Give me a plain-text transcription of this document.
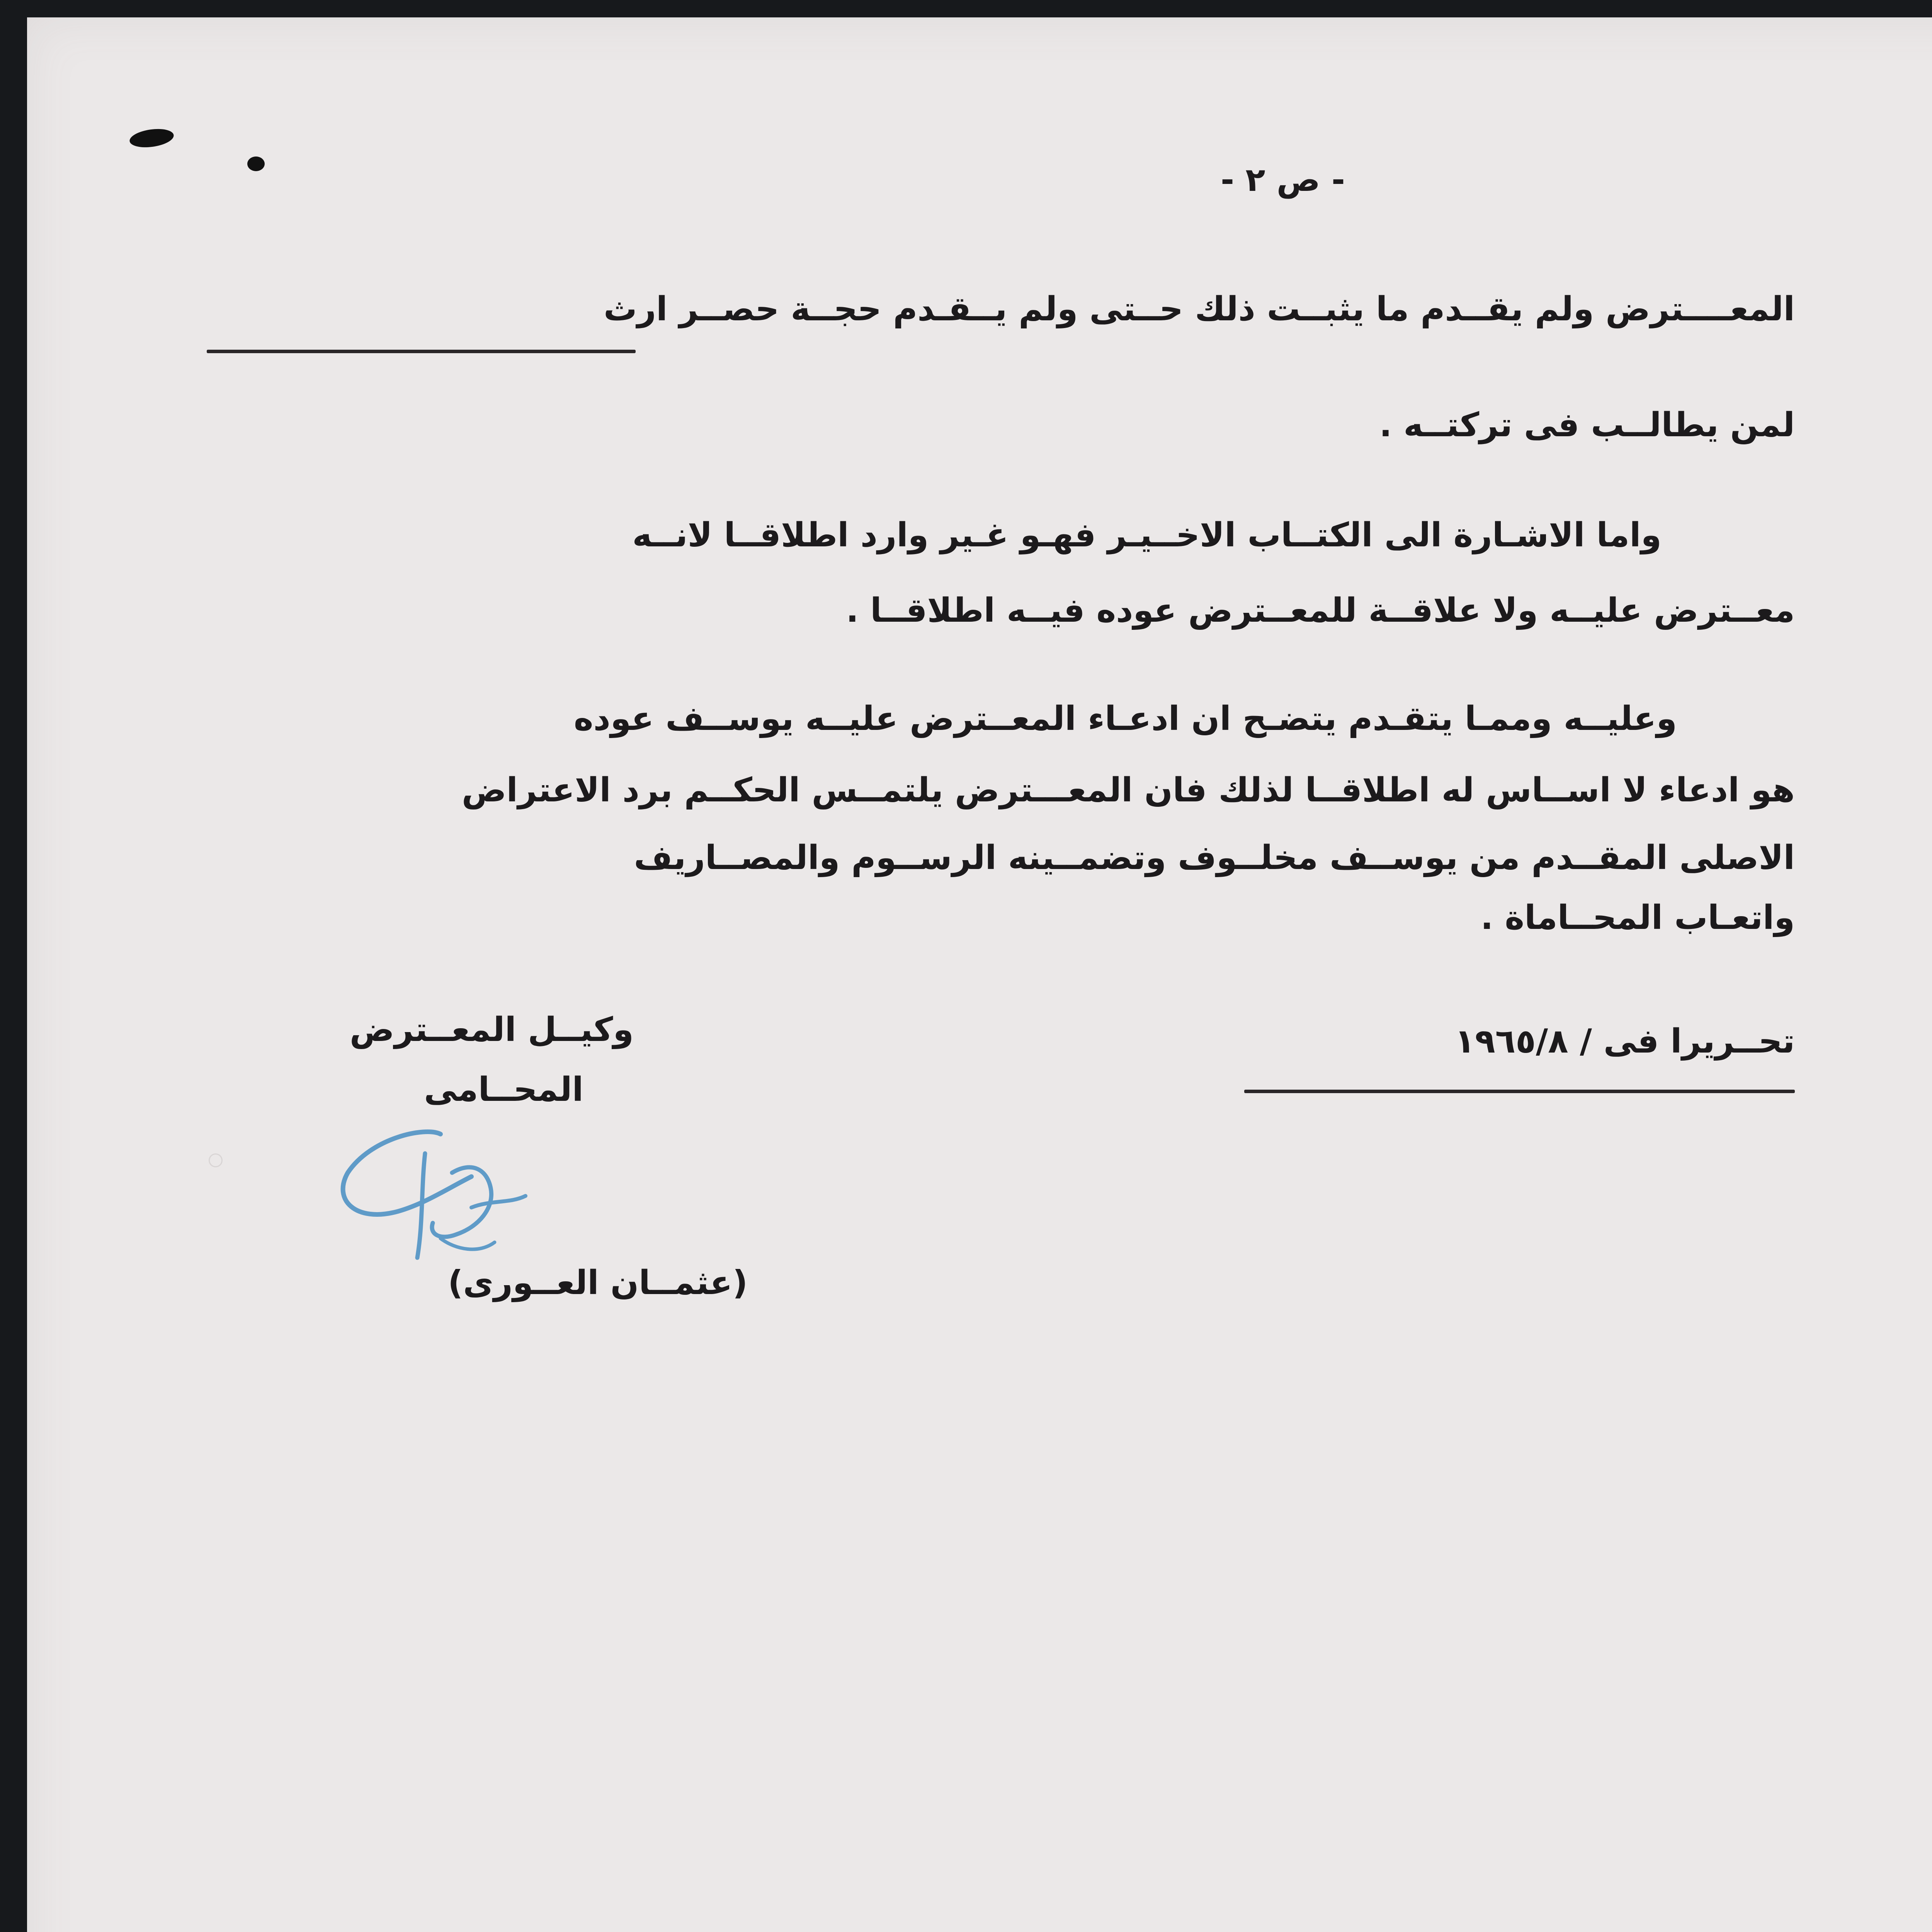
- ص ٢ -

المعــــترض ولم يقــدم ما يثبــت ذلك حــتى ولم يــقـدم حجــة حصــر ارث

لمن يطالــب فى تركتــه .

واما الاشـارة الى الكتــاب الاخــيـر فهـو غـير وارد اطلاقــا لانــه

معــترض عليــه ولا علاقــة للمعــترض عوده فيــه اطلاقــا .

وعليــه وممـا يتقـدم يتضـح ان ادعـاء المعــترض عليــه يوســف عوده

هو ادعاء لا اســاس له اطلاقــا لذلك فان المعـــترض يلتمــس الحكــم برد الاعتراض

الاصلى المقــدم من يوســف مخلــوف وتضمــينه الرســوم والمصــاريف

واتعـاب المحــاماة .

تحــريرا فى / ١٩٦٥/٨

وكيــل المعــترض

المحــامى

(عثمــان العــورى)
